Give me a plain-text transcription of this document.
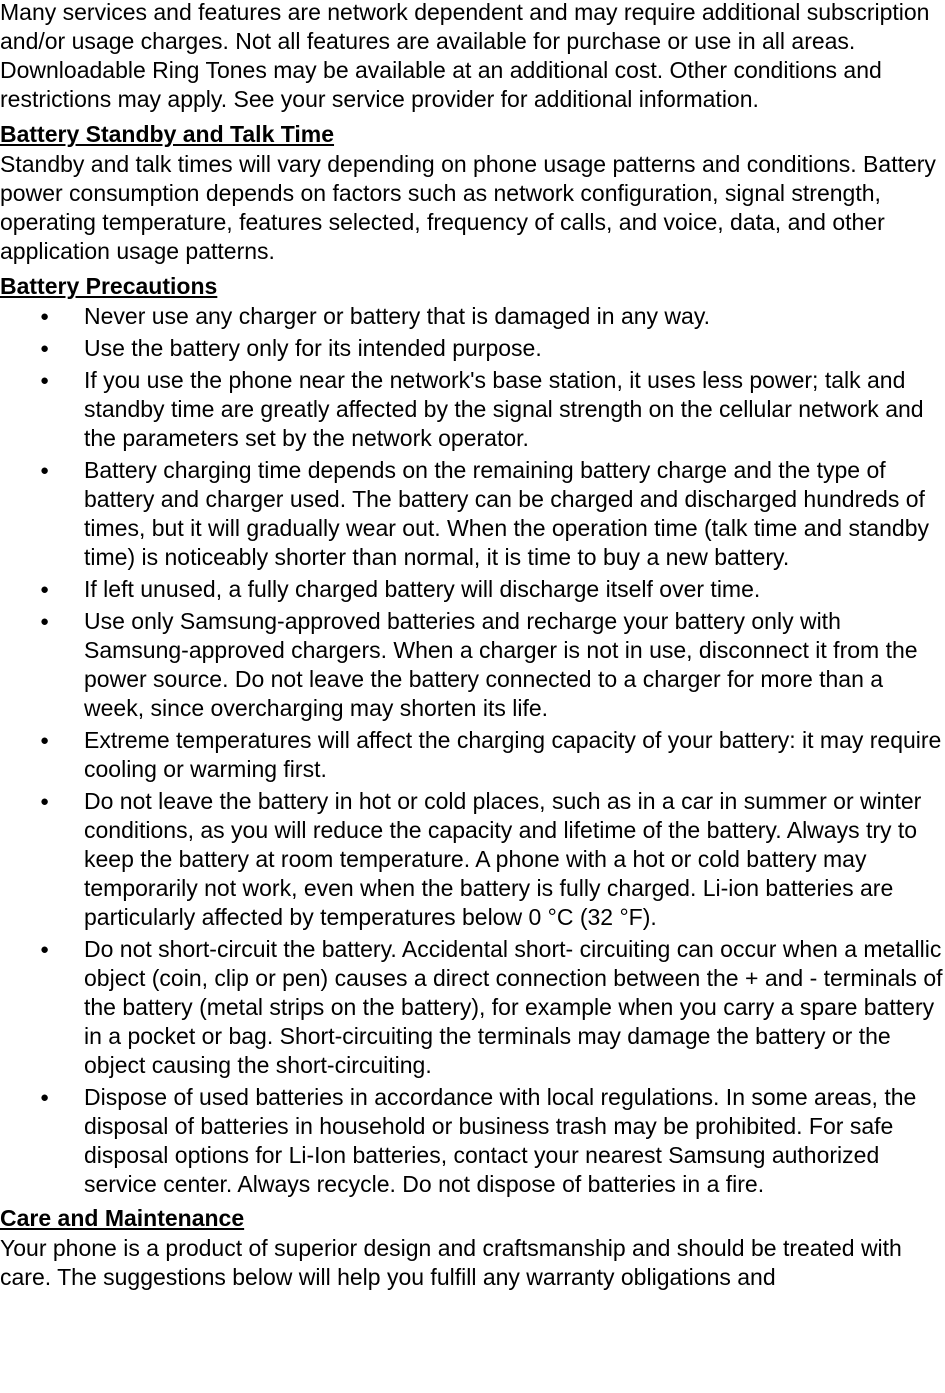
Many services and features are network dependent and may require additional subscription and/or usage charges. Not all features are available for purchase or use in all areas. Downloadable Ring Tones may be available at an additional cost. Other conditions and restrictions may apply. See your service provider for additional information.

Battery Standby and Talk Time

Standby and talk times will vary depending on phone usage patterns and conditions. Battery power consumption depends on factors such as network configuration, signal strength, operating temperature, features selected, frequency of calls, and voice, data, and other application usage patterns.

Battery Precautions

● Never use any charger or battery that is damaged in any way.
● Use the battery only for its intended purpose.
● If you use the phone near the network's base station, it uses less power; talk and standby time are greatly affected by the signal strength on the cellular network and the parameters set by the network operator.
● Battery charging time depends on the remaining battery charge and the type of battery and charger used. The battery can be charged and discharged hundreds of times, but it will gradually wear out. When the operation time (talk time and standby time) is noticeably shorter than normal, it is time to buy a new battery.
● If left unused, a fully charged battery will discharge itself over time.
● Use only Samsung-approved batteries and recharge your battery only with Samsung-approved chargers. When a charger is not in use, disconnect it from the power source. Do not leave the battery connected to a charger for more than a week, since overcharging may shorten its life.
● Extreme temperatures will affect the charging capacity of your battery: it may require cooling or warming first.
● Do not leave the battery in hot or cold places, such as in a car in summer or winter conditions, as you will reduce the capacity and lifetime of the battery. Always try to keep the battery at room temperature. A phone with a hot or cold battery may temporarily not work, even when the battery is fully charged. Li-ion batteries are particularly affected by temperatures below 0 °C (32 °F).
● Do not short-circuit the battery. Accidental short- circuiting can occur when a metallic object (coin, clip or pen) causes a direct connection between the + and - terminals of the battery (metal strips on the battery), for example when you carry a spare battery in a pocket or bag. Short-circuiting the terminals may damage the battery or the object causing the short-circuiting.
● Dispose of used batteries in accordance with local regulations. In some areas, the disposal of batteries in household or business trash may be prohibited. For safe disposal options for Li-Ion batteries, contact your nearest Samsung authorized service center. Always recycle. Do not dispose of batteries in a fire.

Care and Maintenance

Your phone is a product of superior design and craftsmanship and should be treated with care. The suggestions below will help you fulfill any warranty obligations and
